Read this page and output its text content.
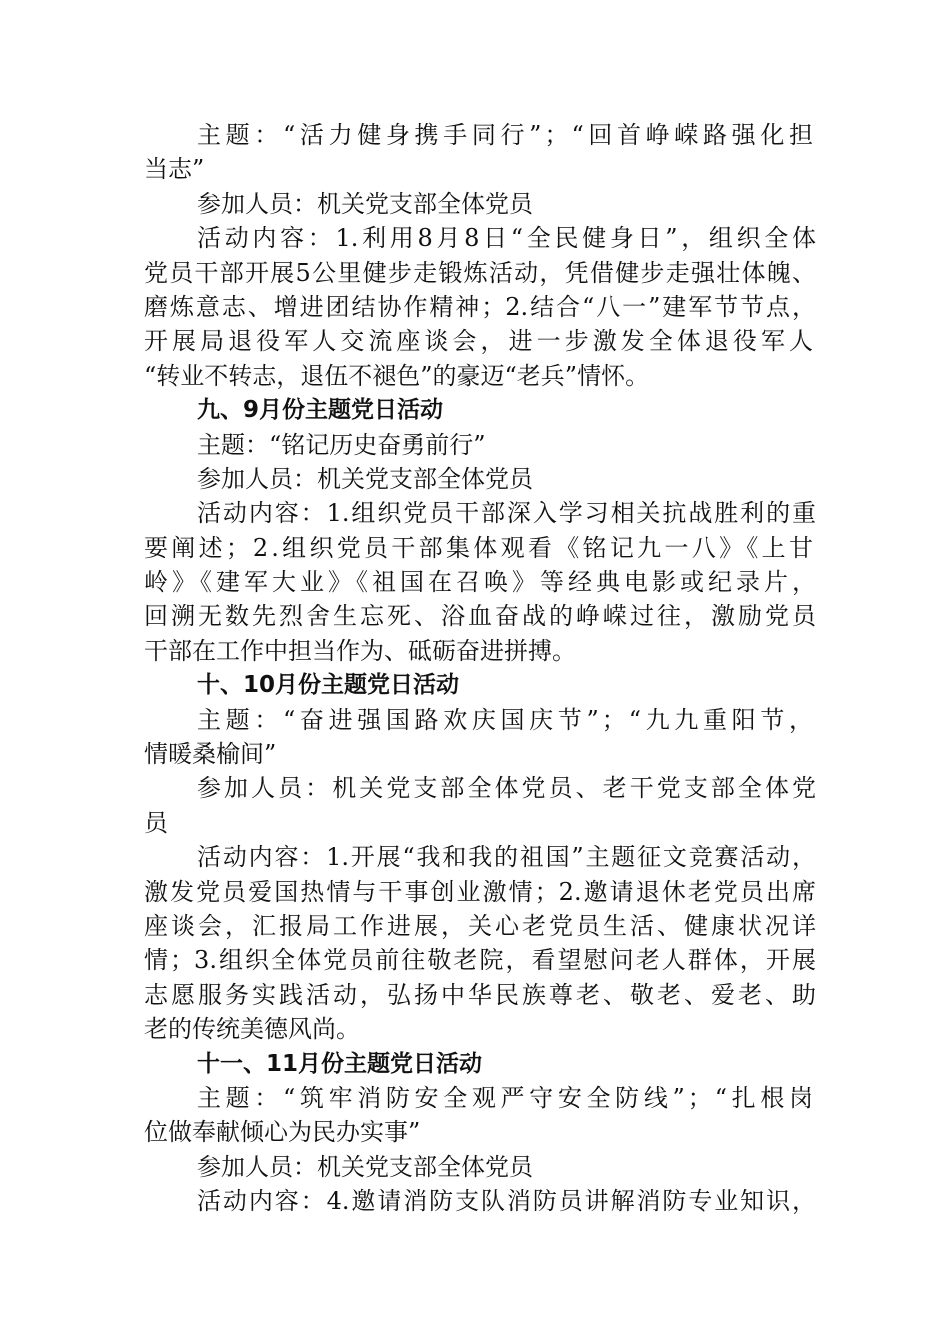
主题：“活力健身携手同行”；“回首峥嵘路强化担
当志”
参加人员：机关党支部全体党员
活动内容：1.利用8月8日“全民健身日”，组织全体
党员干部开展5公里健步走锻炼活动，凭借健步走强壮体魄、
磨炼意志、增进团结协作精神；2.结合“八一”建军节节点，
开展局退役军人交流座谈会，进一步激发全体退役军人
“转业不转志，退伍不褪色”的豪迈“老兵”情怀。
九、9月份主题党日活动
主题：“铭记历史奋勇前行”
参加人员：机关党支部全体党员
活动内容：1.组织党员干部深入学习相关抗战胜利的重
要阐述；2.组织党员干部集体观看《铭记九一八》《上甘
岭》《建军大业》《祖国在召唤》等经典电影或纪录片，
回溯无数先烈舍生忘死、浴血奋战的峥嵘过往，激励党员
干部在工作中担当作为、砥砺奋进拼搏。
十、10月份主题党日活动
主题：“奋进强国路欢庆国庆节”；“九九重阳节，
情暖桑榆间”
参加人员：机关党支部全体党员、老干党支部全体党
员
活动内容：1.开展“我和我的祖国”主题征文竞赛活动，
激发党员爱国热情与干事创业激情；2.邀请退休老党员出席
座谈会，汇报局工作进展，关心老党员生活、健康状况详
情；3.组织全体党员前往敬老院，看望慰问老人群体，开展
志愿服务实践活动，弘扬中华民族尊老、敬老、爱老、助
老的传统美德风尚。
十一、11月份主题党日活动
主题：“筑牢消防安全观严守安全防线”；“扎根岗
位做奉献倾心为民办实事”
参加人员：机关党支部全体党员
活动内容：4.邀请消防支队消防员讲解消防专业知识，
